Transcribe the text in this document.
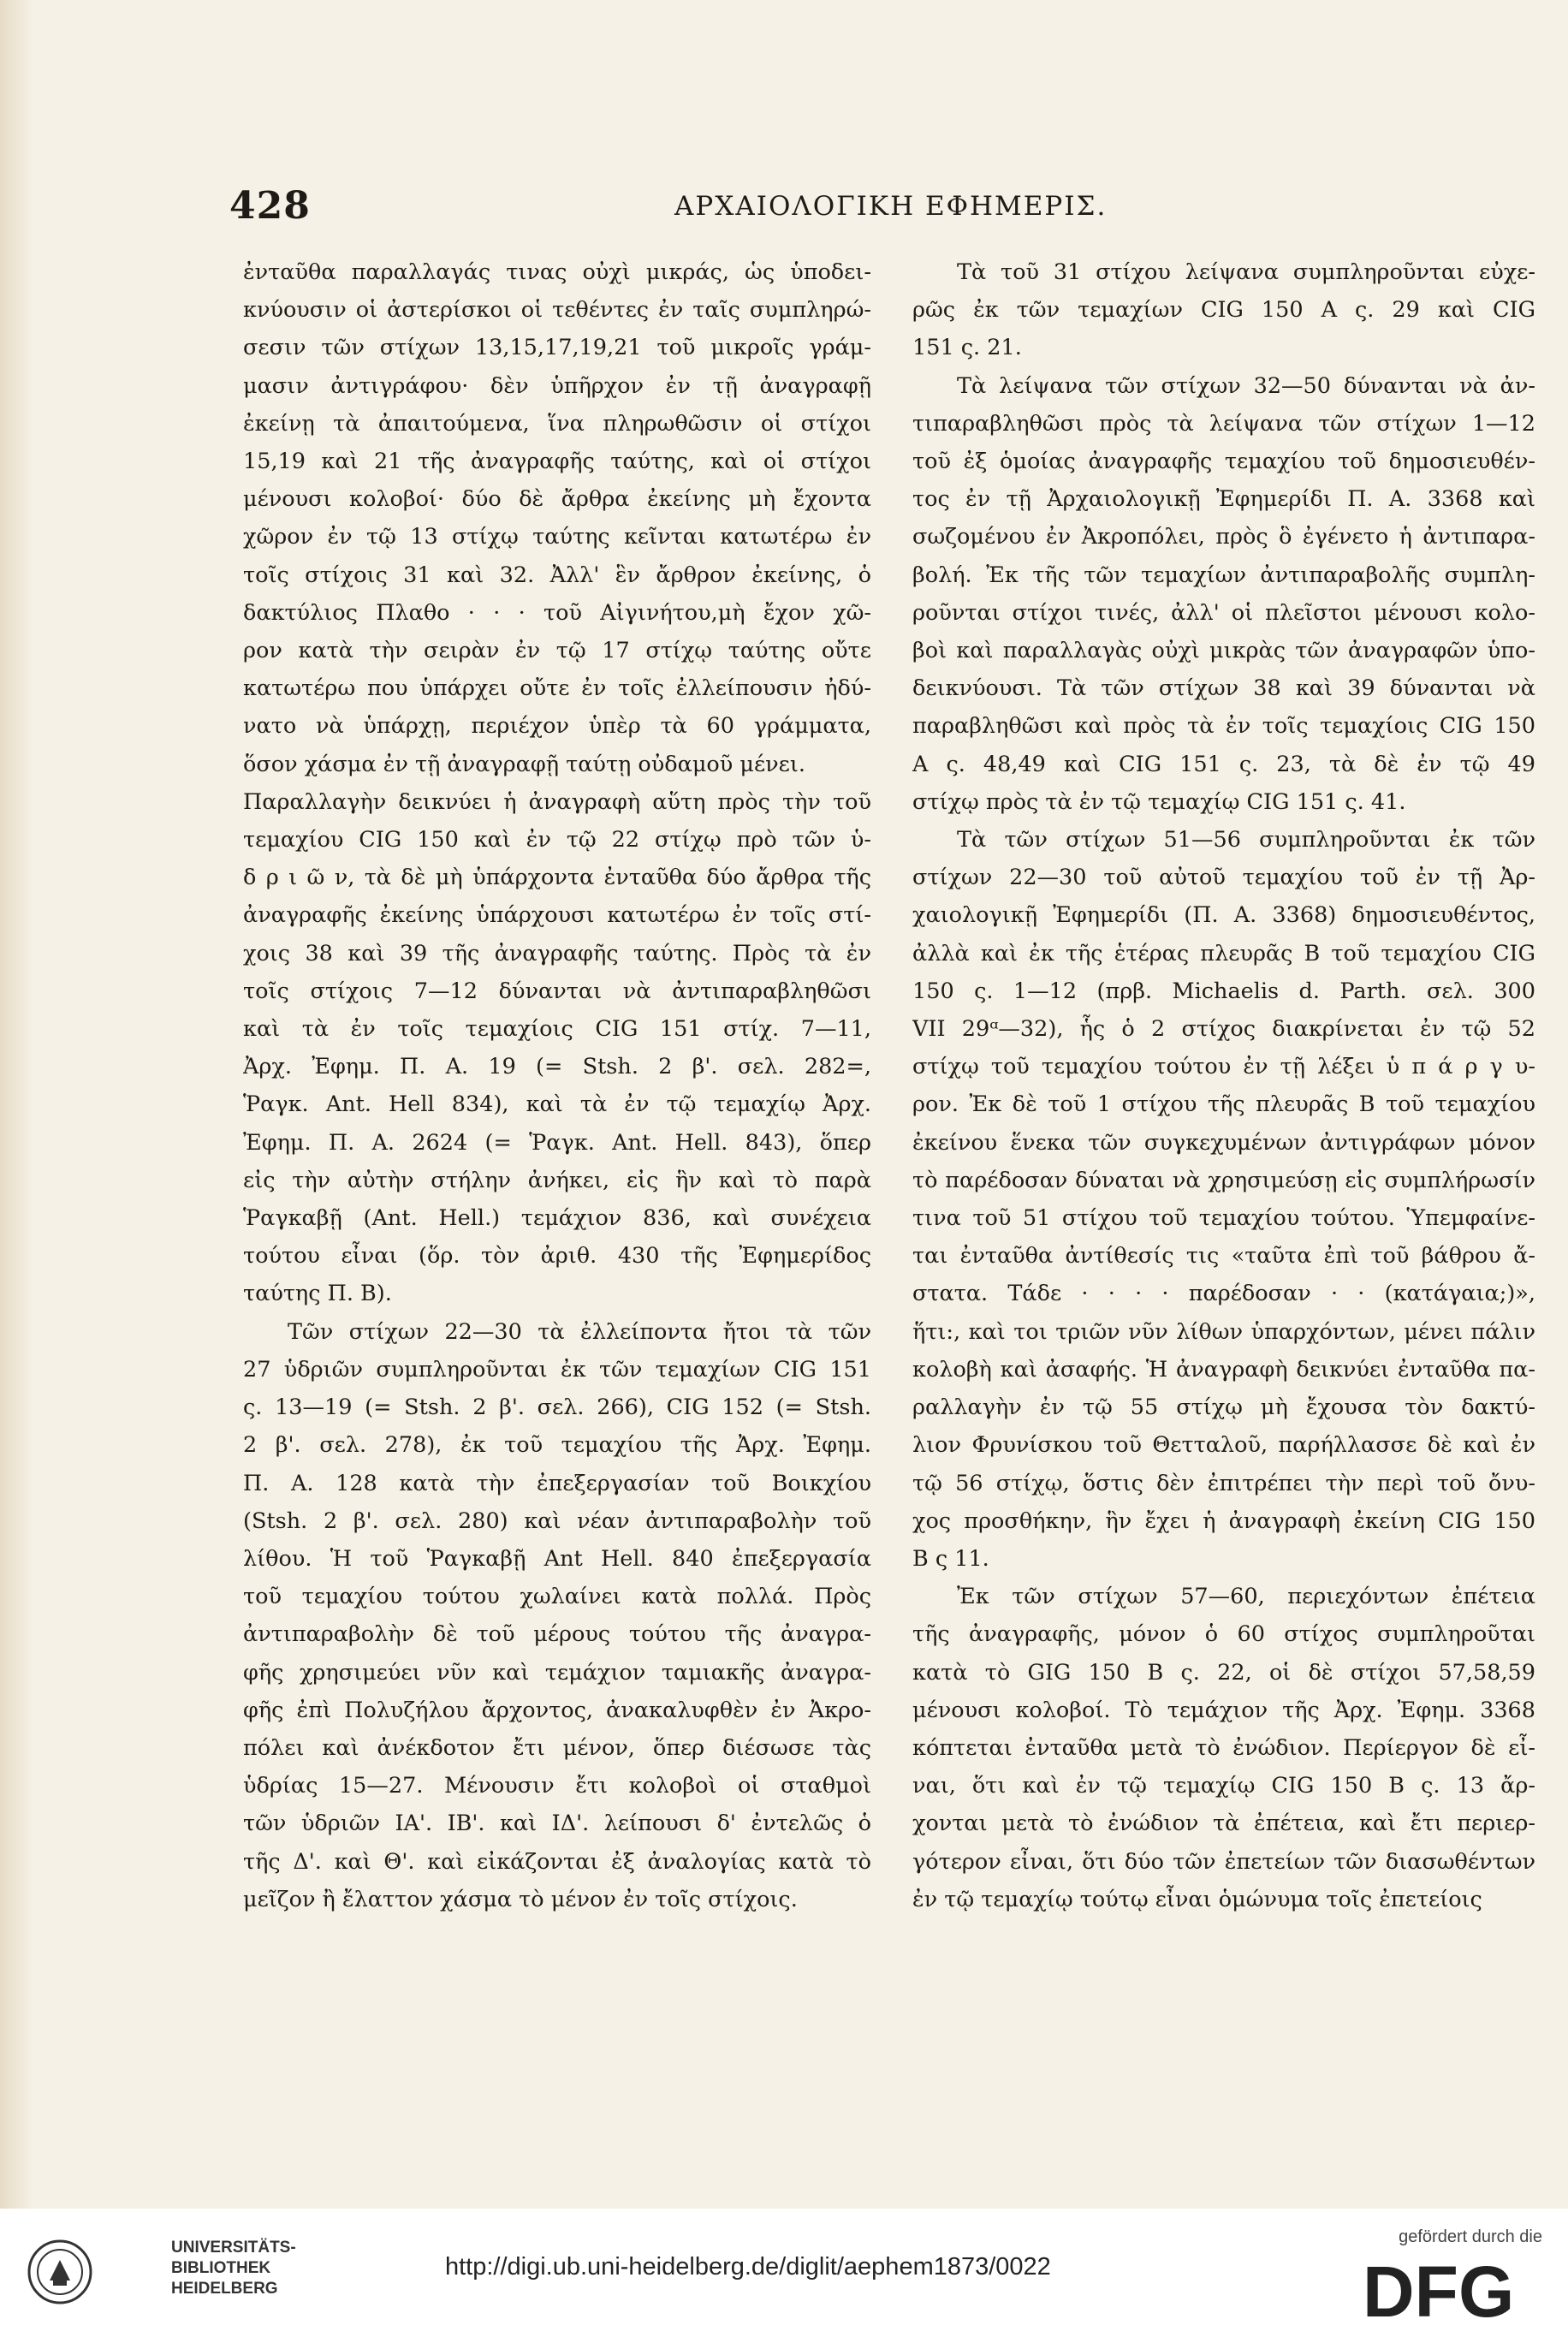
428	ΑΡΧΑΙΟΛΟΓΙΚΗ ΕΦΗΜΕΡΙΣ.
ἐνταῦθα παραλλαγάς τινας οὐχὶ μικράς, ὡς ὑποδει-
κνύουσιν οἱ ἀστερίσκοι οἱ τεθέντες ἐν ταῖς συμπληρώ-
σεσιν τῶν στίχων 13,15,17,19,21 τοῦ μικροῖς γράμ-
μασιν ἀντιγράφου· δὲν ὑπῆρχον ἐν τῇ ἀναγραφῇ
ἐκείνῃ τὰ ἀπαιτούμενα, ἵνα πληρωθῶσιν οἱ στίχοι
15,19 καὶ 21 τῆς ἀναγραφῆς ταύτης, καὶ οἱ στίχοι
μένουσι κολοβοί· δύο δὲ ἄρθρα ἐκείνης μὴ ἔχοντα
χῶρον ἐν τῷ 13 στίχῳ ταύτης κεῖνται κατωτέρω ἐν
τοῖς στίχοις 31 καὶ 32. Ἀλλ' ἓν ἄρθρον ἐκείνης, ὁ
δακτύλιος Πλαθο · · · τοῦ Αἰγινήτου,μὴ ἔχον χῶ-
ρον κατὰ τὴν σειρὰν ἐν τῷ 17 στίχῳ ταύτης οὔτε
κατωτέρω που ὑπάρχει οὔτε ἐν τοῖς ἐλλείπουσιν ἠδύ-
νατο νὰ ὑπάρχῃ, περιέχον ὑπὲρ τὰ 60 γράμματα,
ὅσον χάσμα ἐν τῇ ἀναγραφῇ ταύτῃ οὐδαμοῦ μένει.
Παραλλαγὴν δεικνύει ἡ ἀναγραφὴ αὕτη πρὸς τὴν τοῦ
τεμαχίου CIG 150 καὶ ἐν τῷ 22 στίχῳ πρὸ τῶν ὑ-
δ ρ ι ῶ ν, τὰ δὲ μὴ ὑπάρχοντα ἐνταῦθα δύο ἄρθρα τῆς
ἀναγραφῆς ἐκείνης ὑπάρχουσι κατωτέρω ἐν τοῖς στί-
χοις 38 καὶ 39 τῆς ἀναγραφῆς ταύτης. Πρὸς τὰ ἐν
τοῖς στίχοις 7—12 δύνανται νὰ ἀντιπαραβληθῶσι
καὶ τὰ ἐν τοῖς τεμαχίοις CIG 151 στίχ. 7—11,
Ἀρχ. Ἐφημ. Π. Α. 19 (= Stsh. 2 β'. σελ. 282=,
Ῥαγκ. Ant. Hell 834), καὶ τὰ ἐν τῷ τεμαχίῳ Ἀρχ.
Ἐφημ. Π. Α. 2624 (= Ῥαγκ. Ant. Hell. 843), ὅπερ
εἰς τὴν αὐτὴν στήλην ἀνήκει, εἰς ἣν καὶ τὸ παρὰ
Ῥαγκαβῇ (Ant. Hell.) τεμάχιον 836, καὶ συνέχεια
τούτου εἶναι (ὅρ. τὸν ἀριθ. 430 τῆς Ἐφημερίδος
ταύτης Π. Β).
Τῶν στίχων 22—30 τὰ ἐλλείποντα ἤτοι τὰ τῶν
27 ὑδριῶν συμπληροῦνται ἐκ τῶν τεμαχίων CIG 151
ς. 13—19 (= Stsh. 2 β'. σελ. 266), CIG 152 (= Stsh.
2 β'. σελ. 278), ἐκ τοῦ τεμαχίου τῆς Ἀρχ. Ἐφημ.
Π. Α. 128 κατὰ τὴν ἐπεξεργασίαν τοῦ Βοικχίου
(Stsh. 2 β'. σελ. 280) καὶ νέαν ἀντιπαραβολὴν τοῦ
λίθου. Ἡ τοῦ Ῥαγκαβῇ Ant Hell. 840 ἐπεξεργασία
τοῦ τεμαχίου τούτου χωλαίνει κατὰ πολλά. Πρὸς
ἀντιπαραβολὴν δὲ τοῦ μέρους τούτου τῆς ἀναγρα-
φῆς χρησιμεύει νῦν καὶ τεμάχιον ταμιακῆς ἀναγρα-
φῆς ἐπὶ Πολυζήλου ἄρχοντος, ἀνακαλυφθὲν ἐν Ἀκρο-
πόλει καὶ ἀνέκδοτον ἔτι μένον, ὅπερ διέσωσε τὰς
ὑδρίας 15—27. Μένουσιν ἔτι κολοβοὶ οἱ σταθμοὶ
τῶν ὑδριῶν ΙΑ'. ΙΒ'. καὶ ΙΔ'. λείπουσι δ' ἐντελῶς ὁ
τῆς Δ'. καὶ Θ'. καὶ εἰκάζονται ἐξ ἀναλογίας κατὰ τὸ
μεῖζον ἢ ἔλαττον χάσμα τὸ μένον ἐν τοῖς στίχοις.
Τὰ τοῦ 31 στίχου λείψανα συμπληροῦνται εὐχε-
ρῶς ἐκ τῶν τεμαχίων CIG 150 A ς. 29 καὶ CIG
151 ς. 21.
Τὰ λείψανα τῶν στίχων 32—50 δύνανται νὰ ἀν-
τιπαραβληθῶσι πρὸς τὰ λείψανα τῶν στίχων 1—12
τοῦ ἐξ ὁμοίας ἀναγραφῆς τεμαχίου τοῦ δημοσιευθέν-
τος ἐν τῇ Ἀρχαιολογικῇ Ἐφημερίδι Π. Α. 3368 καὶ
σωζομένου ἐν Ἀκροπόλει, πρὸς ὃ ἐγένετο ἡ ἀντιπαρα-
βολή. Ἐκ τῆς τῶν τεμαχίων ἀντιπαραβολῆς συμπλη-
ροῦνται στίχοι τινές, ἀλλ' οἱ πλεῖστοι μένουσι κολο-
βοὶ καὶ παραλλαγὰς οὐχὶ μικρὰς τῶν ἀναγραφῶν ὑπο-
δεικνύουσι. Τὰ τῶν στίχων 38 καὶ 39 δύνανται νὰ
παραβληθῶσι καὶ πρὸς τὰ ἐν τοῖς τεμαχίοις CIG 150
A ς. 48,49 καὶ CIG 151 ς. 23, τὰ δὲ ἐν τῷ 49
στίχῳ πρὸς τὰ ἐν τῷ τεμαχίῳ CIG 151 ς. 41.
Τὰ τῶν στίχων 51—56 συμπληροῦνται ἐκ τῶν
στίχων 22—30 τοῦ αὐτοῦ τεμαχίου τοῦ ἐν τῇ Ἀρ-
χαιολογικῇ Ἐφημερίδι (Π. Α. 3368) δημοσιευθέντος,
ἀλλὰ καὶ ἐκ τῆς ἑτέρας πλευρᾶς Β τοῦ τεμαχίου CIG
150 ς. 1—12 (πρβ. Michaelis d. Parth. σελ. 300
VII 29ᵅ—32), ἧς ὁ 2 στίχος διακρίνεται ἐν τῷ 52
στίχῳ τοῦ τεμαχίου τούτου ἐν τῇ λέξει ὑ π ά ρ γ υ-
ρον. Ἐκ δὲ τοῦ 1 στίχου τῆς πλευρᾶς Β τοῦ τεμαχίου
ἐκείνου ἕνεκα τῶν συγκεχυμένων ἀντιγράφων μόνον
τὸ παρέδοσαν δύναται νὰ χρησιμεύσῃ εἰς συμπλήρωσίν
τινα τοῦ 51 στίχου τοῦ τεμαχίου τούτου. Ὑπεμφαίνε-
ται ἐνταῦθα ἀντίθεσίς τις «ταῦτα ἐπὶ τοῦ βάθρου ἄ-
στατα. Τάδε · · · · παρέδοσαν · · (κατάγαια;)»,
ἥτι:, καὶ τοι τριῶν νῦν λίθων ὑπαρχόντων, μένει πάλιν
κολοβὴ καὶ ἀσαφής. Ἡ ἀναγραφὴ δεικνύει ἐνταῦθα πα-
ραλλαγὴν ἐν τῷ 55 στίχῳ μὴ ἔχουσα τὸν δακτύ-
λιον Φρυνίσκου τοῦ Θετταλοῦ, παρήλλασσε δὲ καὶ ἐν
τῷ 56 στίχῳ, ὅστις δὲν ἐπιτρέπει τὴν περὶ τοῦ ὄνυ-
χος προσθήκην, ἣν ἔχει ἡ ἀναγραφὴ ἐκείνη CIG 150
B ς 11.
Ἐκ τῶν στίχων 57—60, περιεχόντων ἐπέτεια
τῆς ἀναγραφῆς, μόνον ὁ 60 στίχος συμπληροῦται
κατὰ τὸ GIG 150 B ς. 22, οἱ δὲ στίχοι 57,58,59
μένουσι κολοβοί. Τὸ τεμάχιον τῆς Ἀρχ. Ἐφημ. 3368
κόπτεται ἐνταῦθα μετὰ τὸ ἐνώδιον. Περίεργον δὲ εἶ-
ναι, ὅτι καὶ ἐν τῷ τεμαχίῳ CIG 150 B ς. 13 ἄρ-
χονται μετὰ τὸ ἐνώδιον τὰ ἐπέτεια, καὶ ἔτι περιερ-
γότερον εἶναι, ὅτι δύο τῶν ἐπετείων τῶν διασωθέντων
ἐν τῷ τεμαχίῳ τούτῳ εἶναι ὁμώνυμα τοῖς ἐπετείοις
UNIVERSITÄTS-
BIBLIOTHEK
HEIDELBERG
http://digi.ub.uni-heidelberg.de/diglit/aephem1873/0022
gefördert durch die
DFG
